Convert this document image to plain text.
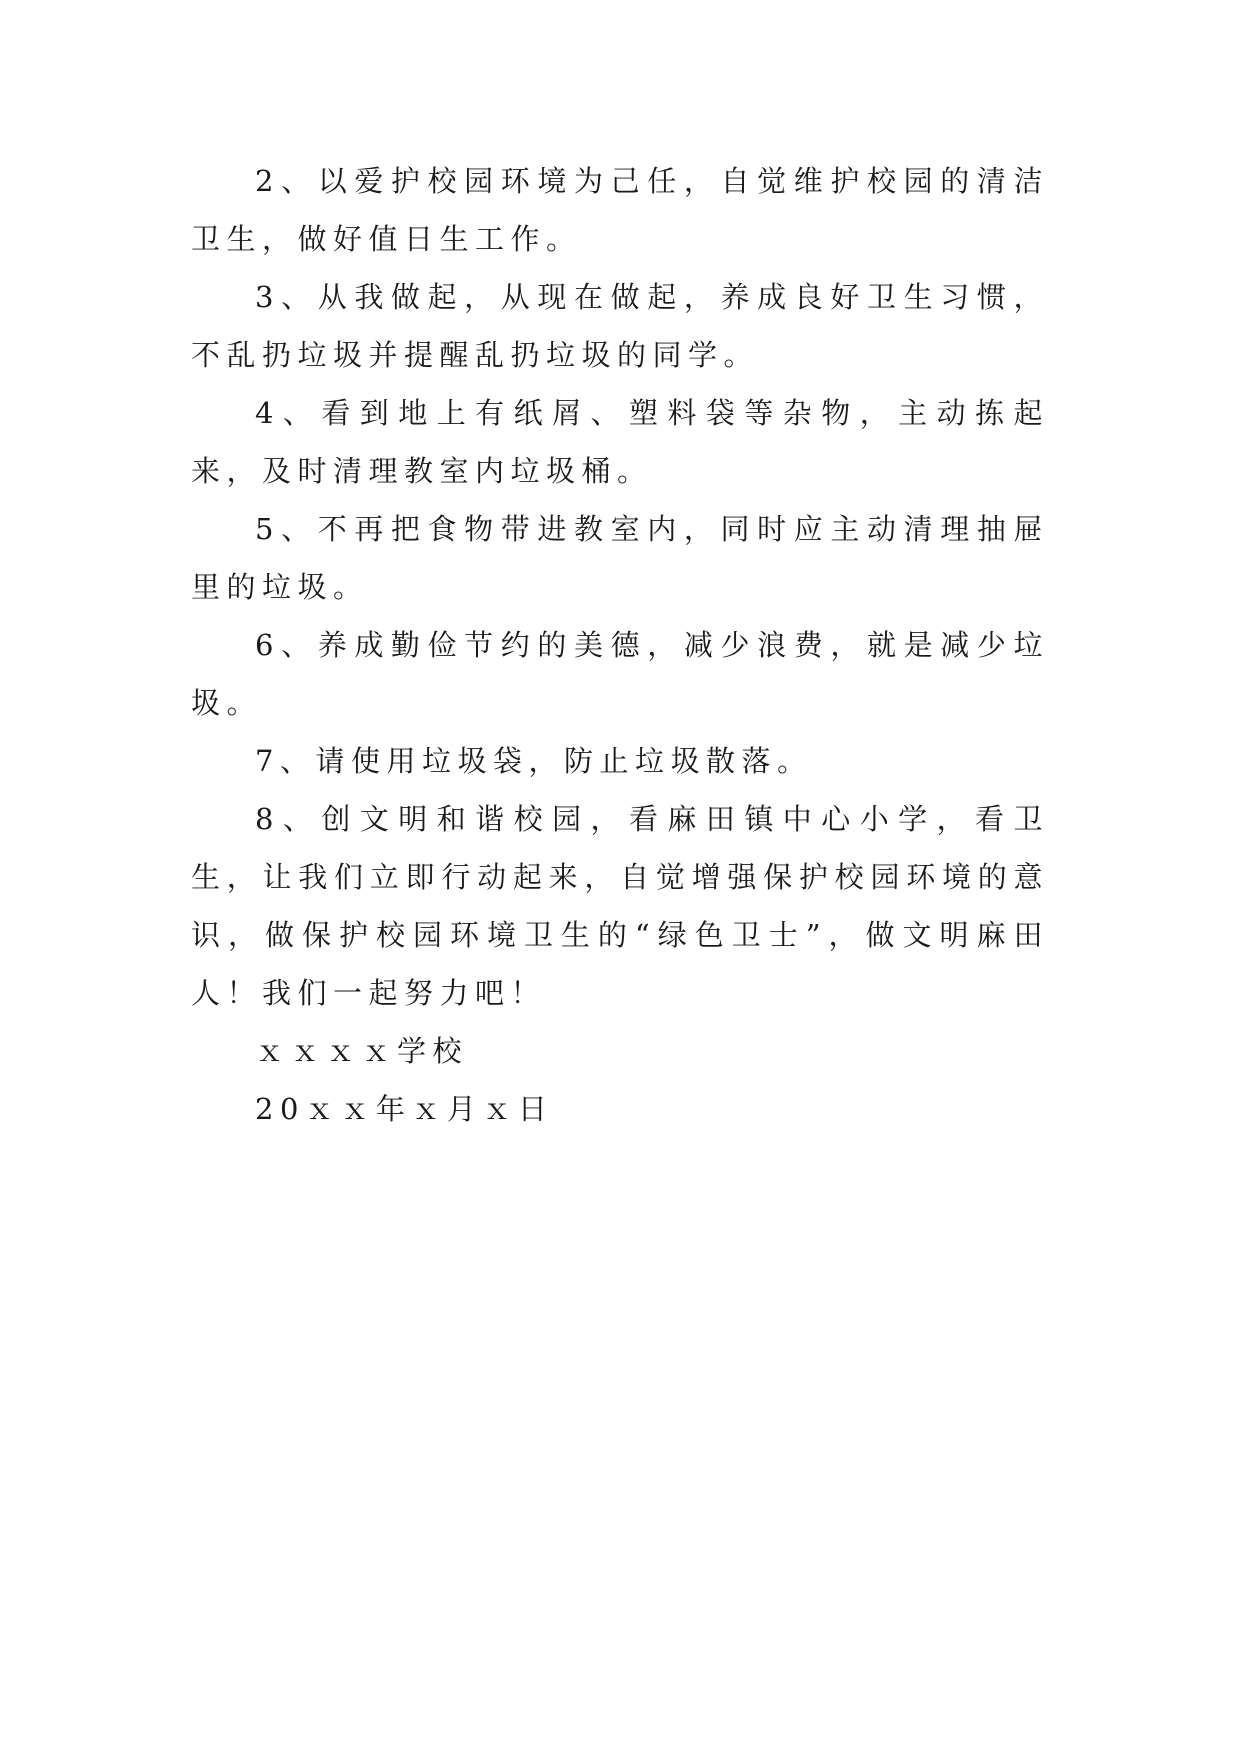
2、以爱护校园环境为己任，自觉维护校园的清洁卫生，做好值日生工作。

3、从我做起，从现在做起，养成良好卫生习惯，不乱扔垃圾并提醒乱扔垃圾的同学。

4、看到地上有纸屑、塑料袋等杂物，主动拣起来，及时清理教室内垃圾桶。

5、不再把食物带进教室内，同时应主动清理抽屉里的垃圾。

6、养成勤俭节约的美德，减少浪费，就是减少垃圾。

7、请使用垃圾袋，防止垃圾散落。

8、创文明和谐校园，看麻田镇中心小学，看卫生，让我们立即行动起来，自觉增强保护校园环境的意识，做保护校园环境卫生的“绿色卫士”，做文明麻田人！我们一起努力吧！

ｘｘｘｘ学校

20ｘｘ年ｘ月ｘ日
